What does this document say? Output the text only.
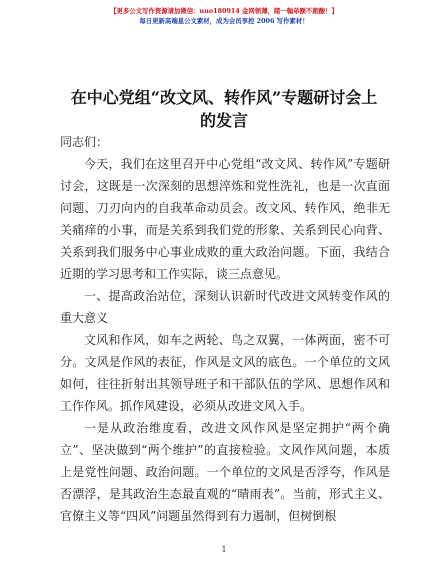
【更多公文写作资源请加微信：nuo180914 金网领薄，睹一翰弟额不跑酸！】
每日更新高端星公文素材，成为会员享控 2006 写作素材！
在中心党组“改文风、转作风”专题研讨会上
的发言

同志们：

今天，我们在这里召开中心党组“改文风、转作风”专题研讨会，这既是一次深刻的思想淬炼和党性洗礼，也是一次直面问题、刀刃向内的自我革命动员会。改文风、转作风，绝非无关痛痒的小事，而是关系到我们党的形象、关系到民心向背、关系到我们服务中心事业成败的重大政治问题。下面，我结合近期的学习思考和工作实际，谈三点意见。

一、提高政治站位，深刻认识新时代改进文风转变作风的重大意义

文风和作风，如车之两轮、鸟之双翼，一体两面，密不可分。文风是作风的表征，作风是文风的底色。一个单位的文风如何，往往折射出其领导班子和干部队伍的学风、思想作风和工作作风。抓作风建设，必须从改进文风入手。

一是从政治维度看，改进文风作风是坚定拥护“两个确立”、坚决做到“两个维护”的直接检验。文风作风问题，本质上是党性问题、政治问题。一个单位的文风是否浮夸，作风是否漂浮，是其政治生态最直观的“晴雨表”。当前，形式主义、官僚主义等“四风”问题虽然得到有力遏制，但树倒根

1
